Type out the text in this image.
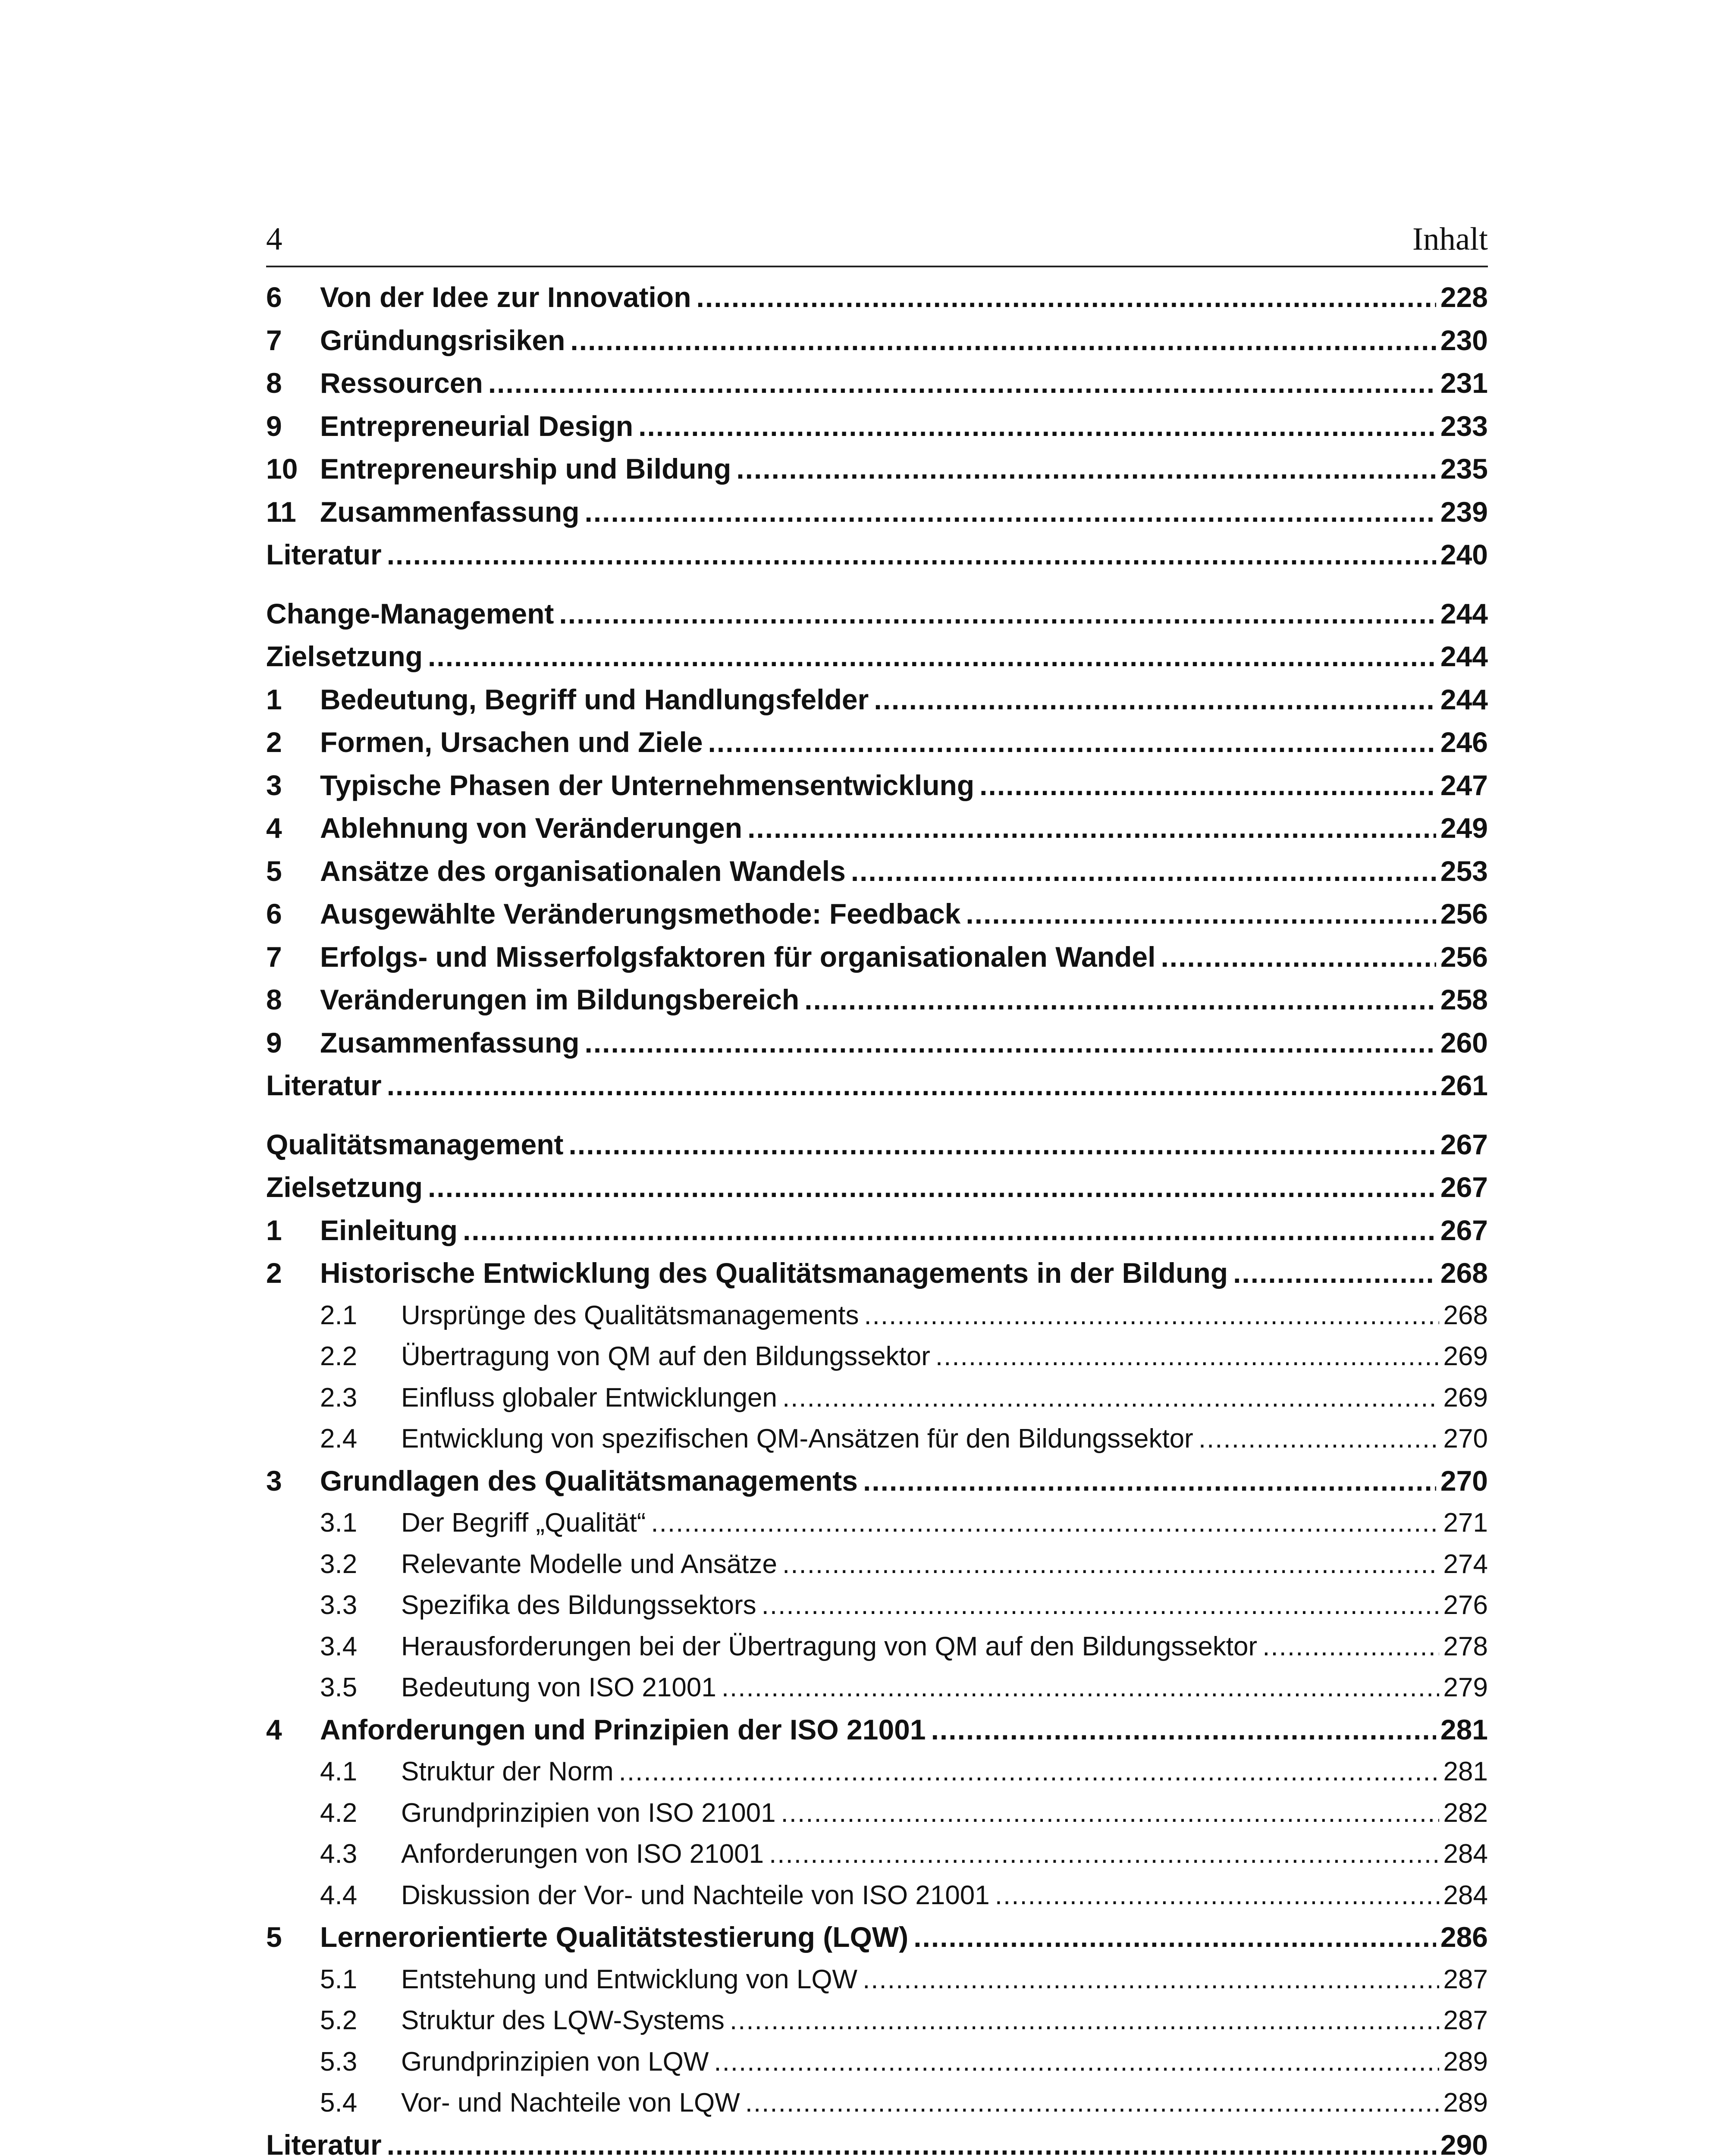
4	Inhalt
6	Von der Idee zur Innovation .....	228
7	Gründungsrisiken .....	230
8	Ressourcen .....	231
9	Entrepreneurial Design .....	233
10 Entrepreneurship und Bildung .....	235
11 Zusammenfassung .....	239
Literatur .....	240
Change-Management .....	244
Zielsetzung .....	244
1	Bedeutung, Begriff und Handlungsfelder .....	244
2	Formen, Ursachen und Ziele .....	246
3	Typische Phasen der Unternehmensentwicklung .....	247
4	Ablehnung von Veränderungen .....	249
5	Ansätze des organisationalen Wandels .....	253
6	Ausgewählte Veränderungsmethode: Feedback .....	256
7	Erfolgs- und Misserfolgsfaktoren für organisationalen Wandel .....	256
8	Veränderungen im Bildungsbereich .....	258
9	Zusammenfassung .....	260
Literatur .....	261
Qualitätsmanagement .....	267
Zielsetzung .....	267
1	Einleitung .....	267
2	Historische Entwicklung des Qualitätsmanagements in der Bildung .....	268
2.1	Ursprünge des Qualitätsmanagements .....	268
2.2	Übertragung von QM auf den Bildungssektor .....	269
2.3	Einfluss globaler Entwicklungen .....	269
2.4	Entwicklung von spezifischen QM-Ansätzen für den Bildungssektor .....	270
3	Grundlagen des Qualitätsmanagements .....	270
3.1	Der Begriff „Qualität“ .....	271
3.2	Relevante Modelle und Ansätze .....	274
3.3	Spezifika des Bildungssektors .....	276
3.4	Herausforderungen bei der Übertragung von QM auf den Bildungssektor .....	278
3.5	Bedeutung von ISO 21001 .....	279
4	Anforderungen und Prinzipien der ISO 21001 .....	281
4.1	Struktur der Norm .....	281
4.2	Grundprinzipien von ISO 21001 .....	282
4.3	Anforderungen von ISO 21001 .....	284
4.4	Diskussion der Vor- und Nachteile von ISO 21001 .....	284
5	Lernerorientierte Qualitätstestierung (LQW) .....	286
5.1	Entstehung und Entwicklung von LQW .....	287
5.2	Struktur des LQW-Systems .....	287
5.3	Grundprinzipien von LQW .....	289
5.4	Vor- und Nachteile von LQW .....	289
Literatur .....	290
